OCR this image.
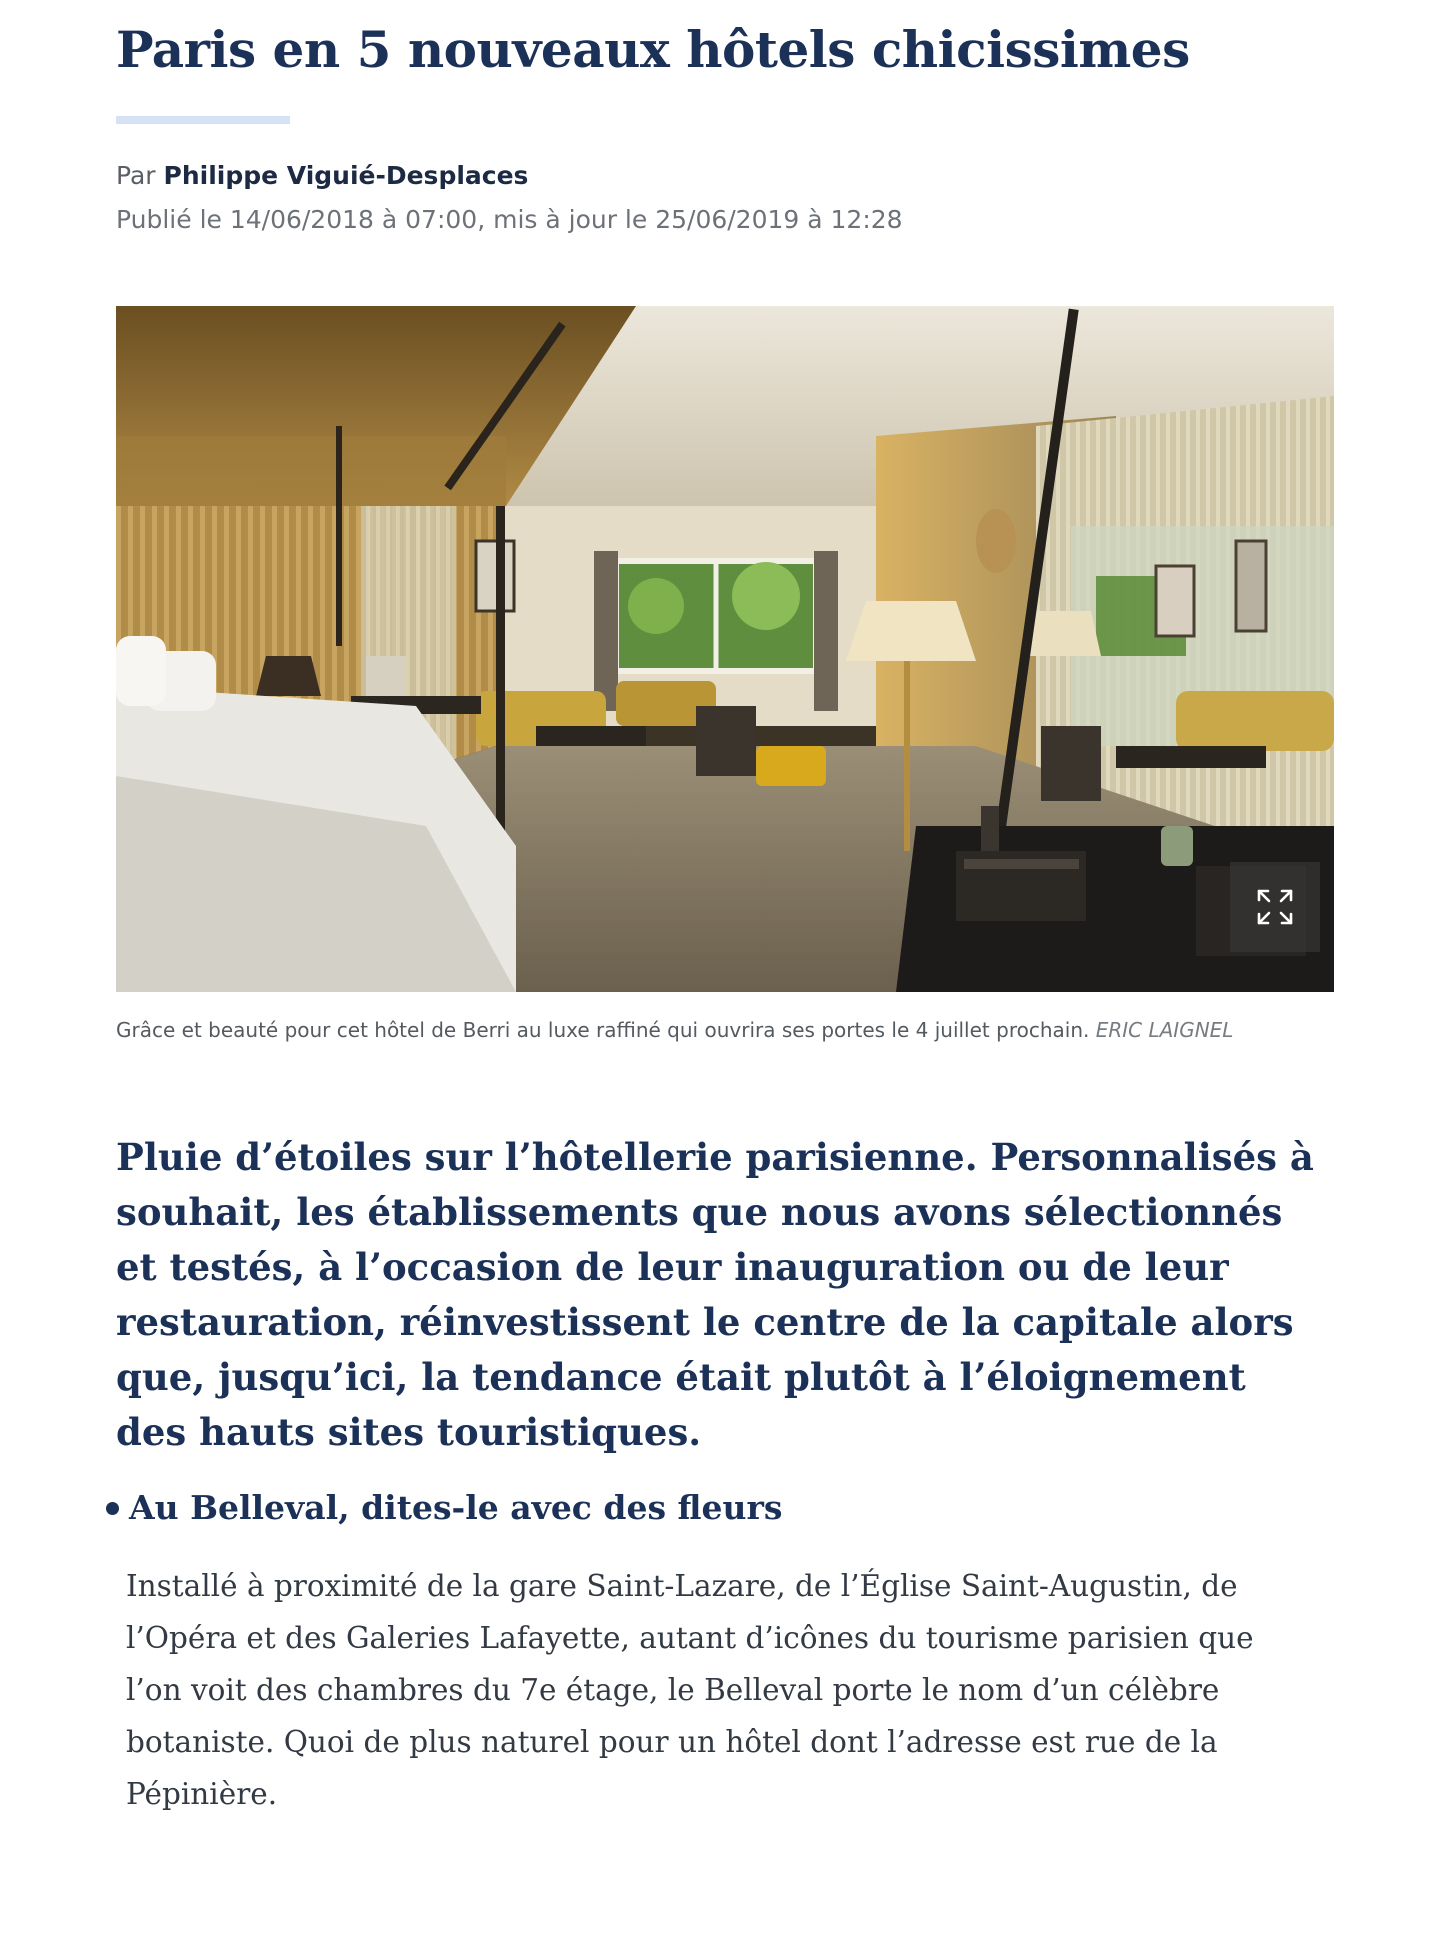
Paris en 5 nouveaux hôtels chicissimes
Par Philippe Viguié-Desplaces
Publié le 14/06/2018 à 07:00, mis à jour le 25/06/2019 à 12:28
Grâce et beauté pour cet hôtel de Berri au luxe raffiné qui ouvrira ses portes le 4 juillet prochain. ERIC LAIGNEL

Pluie d’étoiles sur l’hôtellerie parisienne. Personnalisés à souhait, les établissements que nous avons sélectionnés et testés, à l’occasion de leur inauguration ou de leur restauration, réinvestissent le centre de la capitale alors que, jusqu’ici, la tendance était plutôt à l’éloignement des hauts sites touristiques.

Au Belleval, dites-le avec des fleurs

Installé à proximité de la gare Saint-Lazare, de l’Église Saint-Augustin, de l’Opéra et des Galeries Lafayette, autant d’icônes du tourisme parisien que l’on voit des chambres du 7e étage, le Belleval porte le nom d’un célèbre botaniste. Quoi de plus naturel pour un hôtel dont l’adresse est rue de la Pépinière.
